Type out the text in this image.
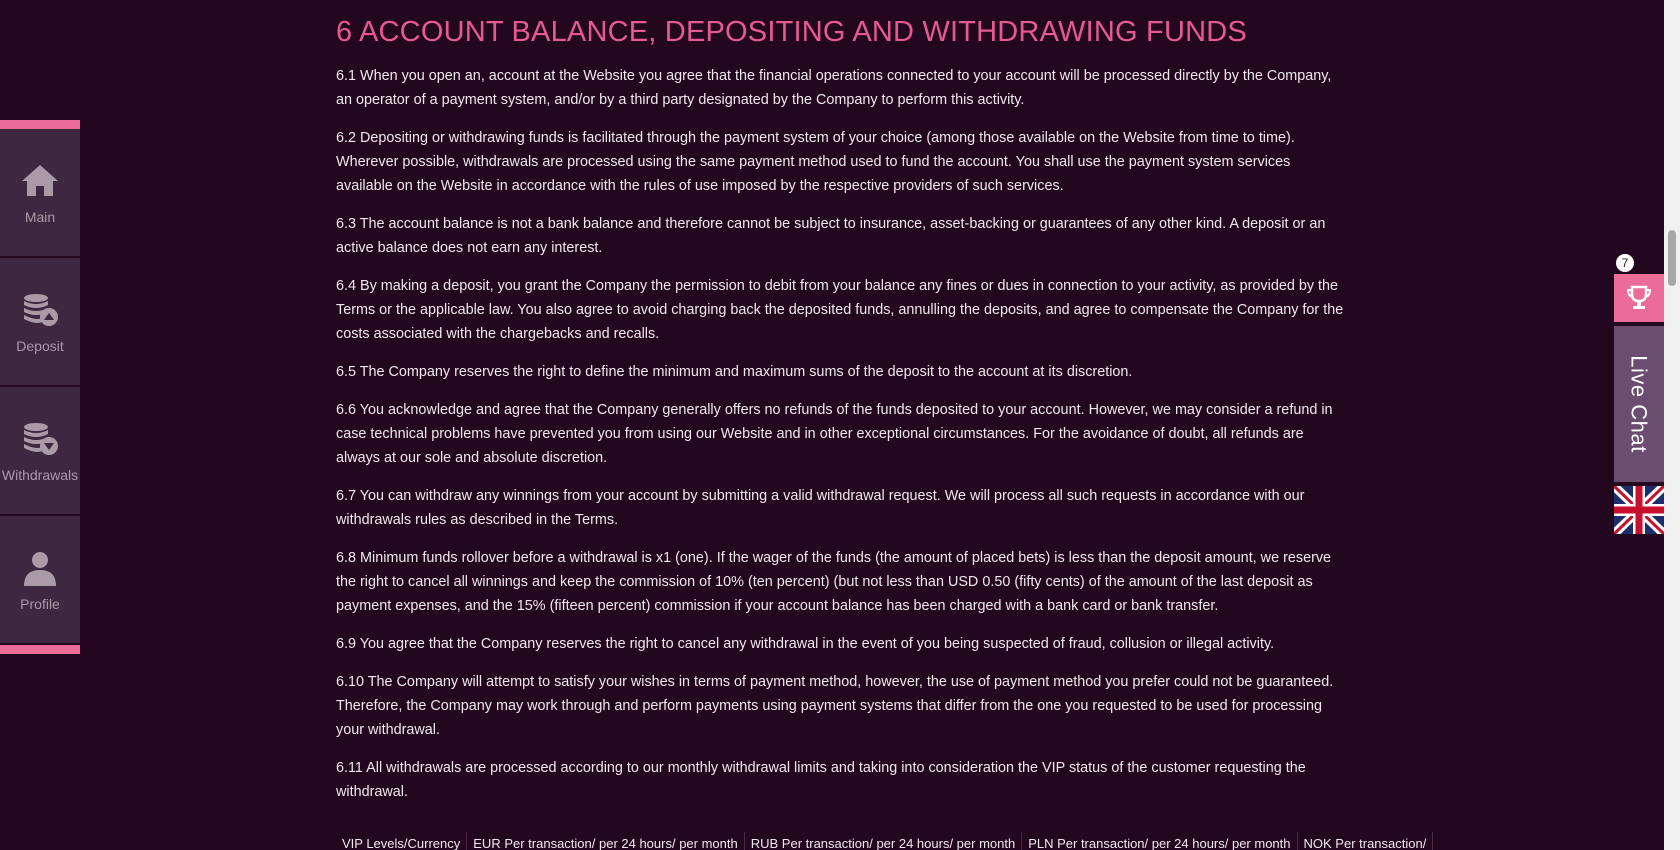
6 ACCOUNT BALANCE, DEPOSITING AND WITHDRAWING FUNDS

6.1 When you open an, account at the Website you agree that the financial operations connected to your account will be processed directly by the Company, an operator of a payment system, and/or by a third party designated by the Company to perform this activity.

6.2 Depositing or withdrawing funds is facilitated through the payment system of your choice (among those available on the Website from time to time). Wherever possible, withdrawals are processed using the same payment method used to fund the account. You shall use the payment system services available on the Website in accordance with the rules of use imposed by the respective providers of such services.

6.3 The account balance is not a bank balance and therefore cannot be subject to insurance, asset-backing or guarantees of any other kind. A deposit or an active balance does not earn any interest.

6.4 By making a deposit, you grant the Company the permission to debit from your balance any fines or dues in connection to your activity, as provided by the Terms or the applicable law. You also agree to avoid charging back the deposited funds, annulling the deposits, and agree to compensate the Company for the costs associated with the chargebacks and recalls.

6.5 The Company reserves the right to define the minimum and maximum sums of the deposit to the account at its discretion.

6.6 You acknowledge and agree that the Company generally offers no refunds of the funds deposited to your account. However, we may consider a refund in case technical problems have prevented you from using our Website and in other exceptional circumstances. For the avoidance of doubt, all refunds are always at our sole and absolute discretion.

6.7 You can withdraw any winnings from your account by submitting a valid withdrawal request. We will process all such requests in accordance with our withdrawals rules as described in the Terms.

6.8 Minimum funds rollover before a withdrawal is x1 (one). If the wager of the funds (the amount of placed bets) is less than the deposit amount, we reserve the right to cancel all winnings and keep the commission of 10% (ten percent) (but not less than USD 0.50 (fifty cents) of the amount of the last deposit as payment expenses, and the 15% (fifteen percent) commission if your account balance has been charged with a bank card or bank transfer.

6.9 You agree that the Company reserves the right to cancel any withdrawal in the event of you being suspected of fraud, collusion or illegal activity.

6.10 The Company will attempt to satisfy your wishes in terms of payment method, however, the use of payment method you prefer could not be guaranteed. Therefore, the Company may work through and perform payments using payment systems that differ from the one you requested to be used for processing your withdrawal.

6.11 All withdrawals are processed according to our monthly withdrawal limits and taking into consideration the VIP status of the customer requesting the withdrawal.

VIP Levels/Currency	EUR Per transaction/ per 24 hours/ per month	RUB Per transaction/ per 24 hours/ per month	PLN Per transaction/ per 24 hours/ per month	NOK Per transaction/
Main
Deposit
Withdrawals
Profile
7
Live Chat
